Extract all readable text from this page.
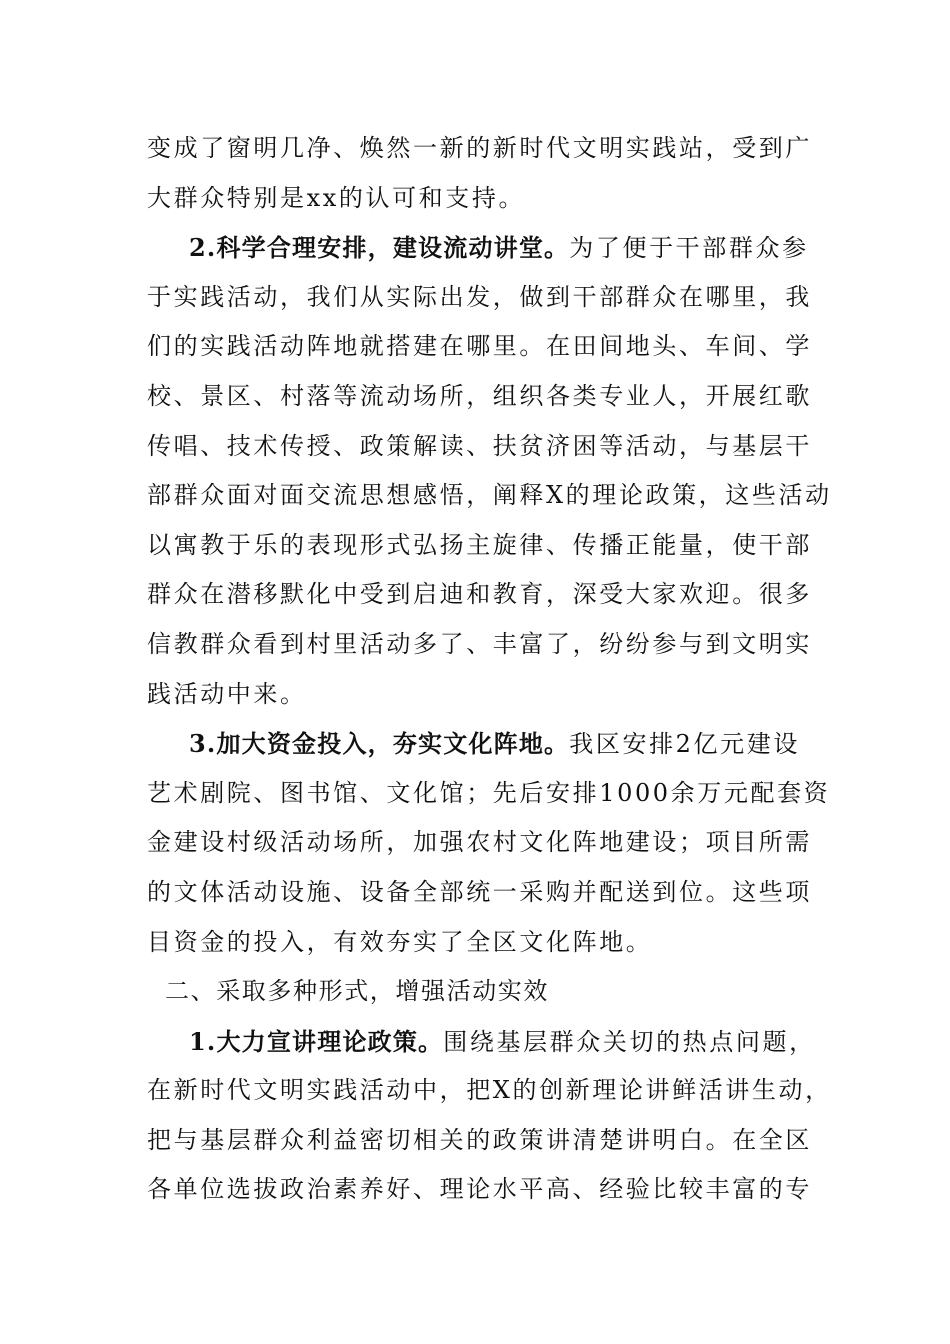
变成了窗明几净、焕然一新的新时代文明实践站，受到广
大群众特别是xx的认可和支持。
2.科学合理安排，建设流动讲堂。为了便于干部群众参
于实践活动，我们从实际出发，做到干部群众在哪里，我
们的实践活动阵地就搭建在哪里。在田间地头、车间、学
校、景区、村落等流动场所，组织各类专业人，开展红歌
传唱、技术传授、政策解读、扶贫济困等活动，与基层干
部群众面对面交流思想感悟，阐释X的理论政策，这些活动
以寓教于乐的表现形式弘扬主旋律、传播正能量，使干部
群众在潜移默化中受到启迪和教育，深受大家欢迎。很多
信教群众看到村里活动多了、丰富了，纷纷参与到文明实
践活动中来。
3.加大资金投入，夯实文化阵地。我区安排2亿元建设
艺术剧院、图书馆、文化馆；先后安排1000余万元配套资
金建设村级活动场所，加强农村文化阵地建设；项目所需
的文体活动设施、设备全部统一采购并配送到位。这些项
目资金的投入，有效夯实了全区文化阵地。
二、采取多种形式，增强活动实效
1.大力宣讲理论政策。围绕基层群众关切的热点问题，
在新时代文明实践活动中，把X的创新理论讲鲜活讲生动，
把与基层群众利益密切相关的政策讲清楚讲明白。在全区
各单位选拔政治素养好、理论水平高、经验比较丰富的专
